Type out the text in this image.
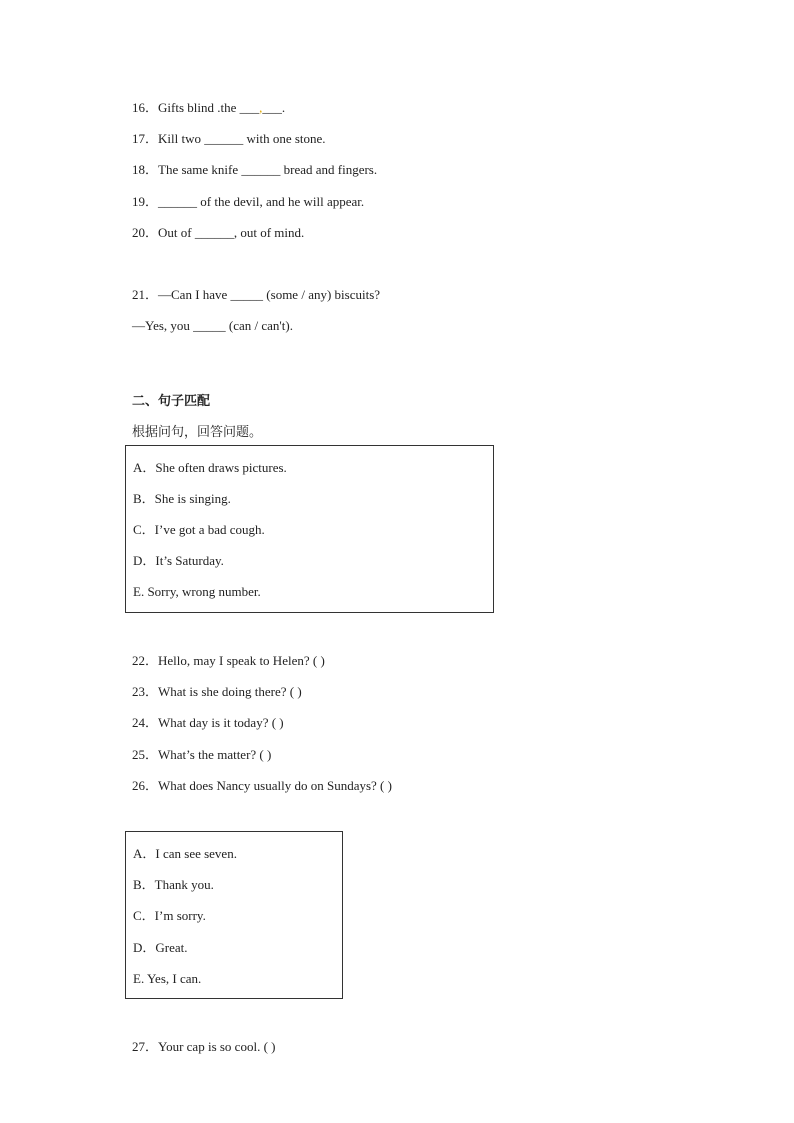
16．Gifts blind .the ___,___.
17．Kill two ______ with one stone.
18．The same knife ______ bread and fingers.
19．______ of the devil, and he will appear.
20．Out of ______, out of mind.
21．—Can I have _____ (some / any) biscuits?
—Yes, you _____ (can / can't).
二、句子匹配
根据问句，回答问题。
A．She often draws pictures.
B．She is singing.
C．I’ve got a bad cough.
D．It’s Saturday.
E. Sorry, wrong number.
22．Hello, may I speak to Helen? ( )
23．What is she doing there? ( )
24．What day is it today? ( )
25．What’s the matter? ( )
26．What does Nancy usually do on Sundays? ( )
A．I can see seven.
B．Thank you.
C．I’m sorry.
D．Great.
E. Yes, I can.
27．Your cap is so cool. ( )
